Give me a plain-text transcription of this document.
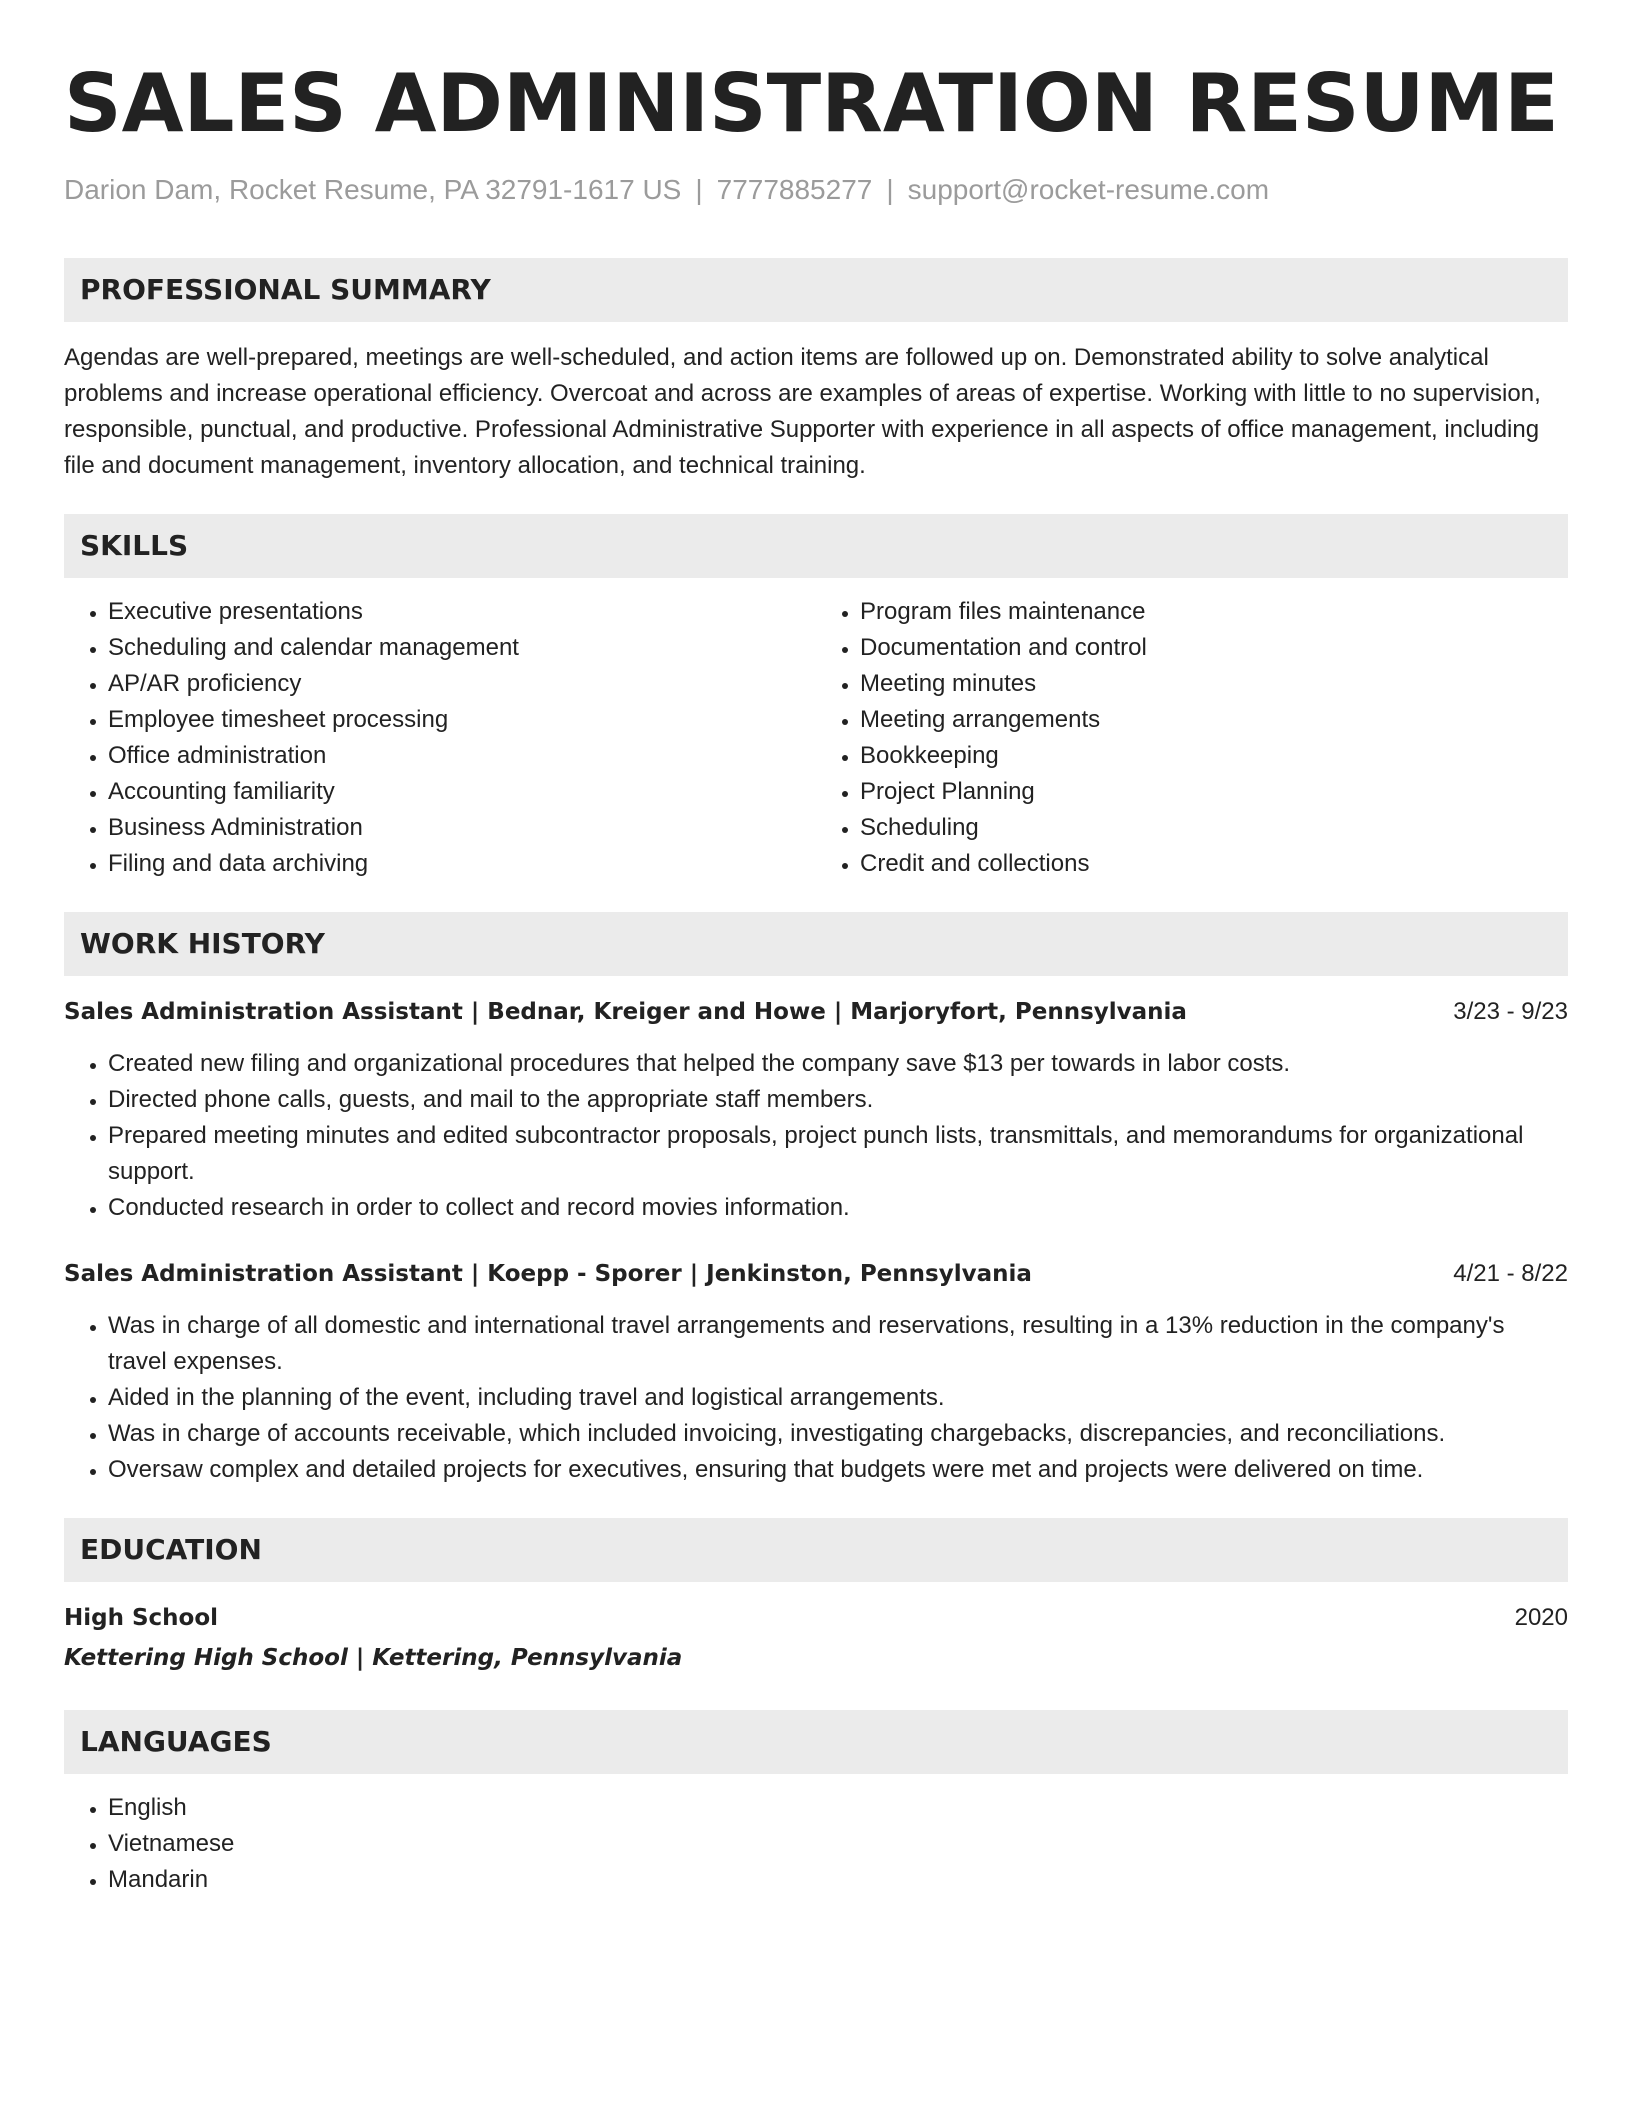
SALES ADMINISTRATION RESUME
Darion Dam, Rocket Resume, PA 32791-1617 US | 7777885277 | support@rocket-resume.com
PROFESSIONAL SUMMARY

Agendas are well-prepared, meetings are well-scheduled, and action items are followed up on. Demonstrated ability to solve analytical problems and increase operational efficiency. Overcoat and across are examples of areas of expertise. Working with little to no supervision, responsible, punctual, and productive. Professional Administrative Supporter with experience in all aspects of office management, including file and document management, inventory allocation, and technical training.

SKILLS
• Executive presentations
• Scheduling and calendar management
• AP/AR proficiency
• Employee timesheet processing
• Office administration
• Accounting familiarity
• Business Administration
• Filing and data archiving
• Program files maintenance
• Documentation and control
• Meeting minutes
• Meeting arrangements
• Bookkeeping
• Project Planning
• Scheduling
• Credit and collections
WORK HISTORY
Sales Administration Assistant | Bednar, Kreiger and Howe | Marjoryfort, Pennsylvania	3/23 - 9/23
• Created new filing and organizational procedures that helped the company save $13 per towards in labor costs.
• Directed phone calls, guests, and mail to the appropriate staff members.
• Prepared meeting minutes and edited subcontractor proposals, project punch lists, transmittals, and memorandums for organizational support.
• Conducted research in order to collect and record movies information.
Sales Administration Assistant | Koepp - Sporer | Jenkinston, Pennsylvania	4/21 - 8/22
• Was in charge of all domestic and international travel arrangements and reservations, resulting in a 13% reduction in the company's travel expenses.
• Aided in the planning of the event, including travel and logistical arrangements.
• Was in charge of accounts receivable, which included invoicing, investigating chargebacks, discrepancies, and reconciliations.
• Oversaw complex and detailed projects for executives, ensuring that budgets were met and projects were delivered on time.
EDUCATION
High School	2020
Kettering High School | Kettering, Pennsylvania
LANGUAGES
• English
• Vietnamese
• Mandarin
